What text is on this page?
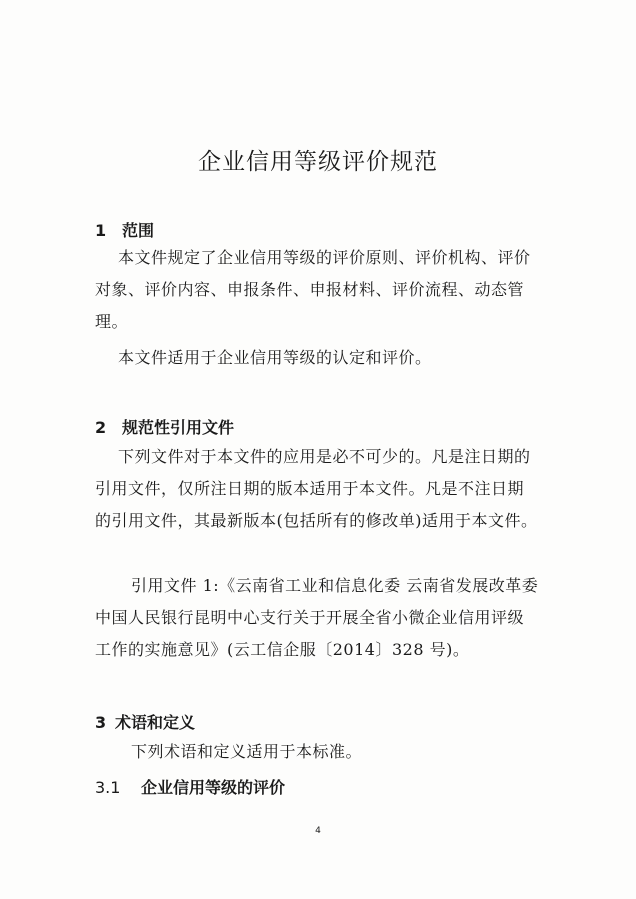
企业信用等级评价规范
1 范围

本文件规定了企业信用等级的评价原则、评价机构、评价对象、评价内容、申报条件、申报材料、评价流程、动态管理。

本文件适用于企业信用等级的认定和评价。

2 规范性引用文件

下列文件对于本文件的应用是必不可少的。凡是注日期的引用文件，仅所注日期的版本适用于本文件。凡是不注日期的引用文件，其最新版本(包括所有的修改单)适用于本文件。

引用文件 1:《云南省工业和信息化委 云南省发展改革委 中国人民银行昆明中心支行关于开展全省小微企业信用评级工作的实施意见》(云工信企服〔2014〕328 号)。

3 术语和定义

下列术语和定义适用于本标准。

3.1 企业信用等级的评价
4
